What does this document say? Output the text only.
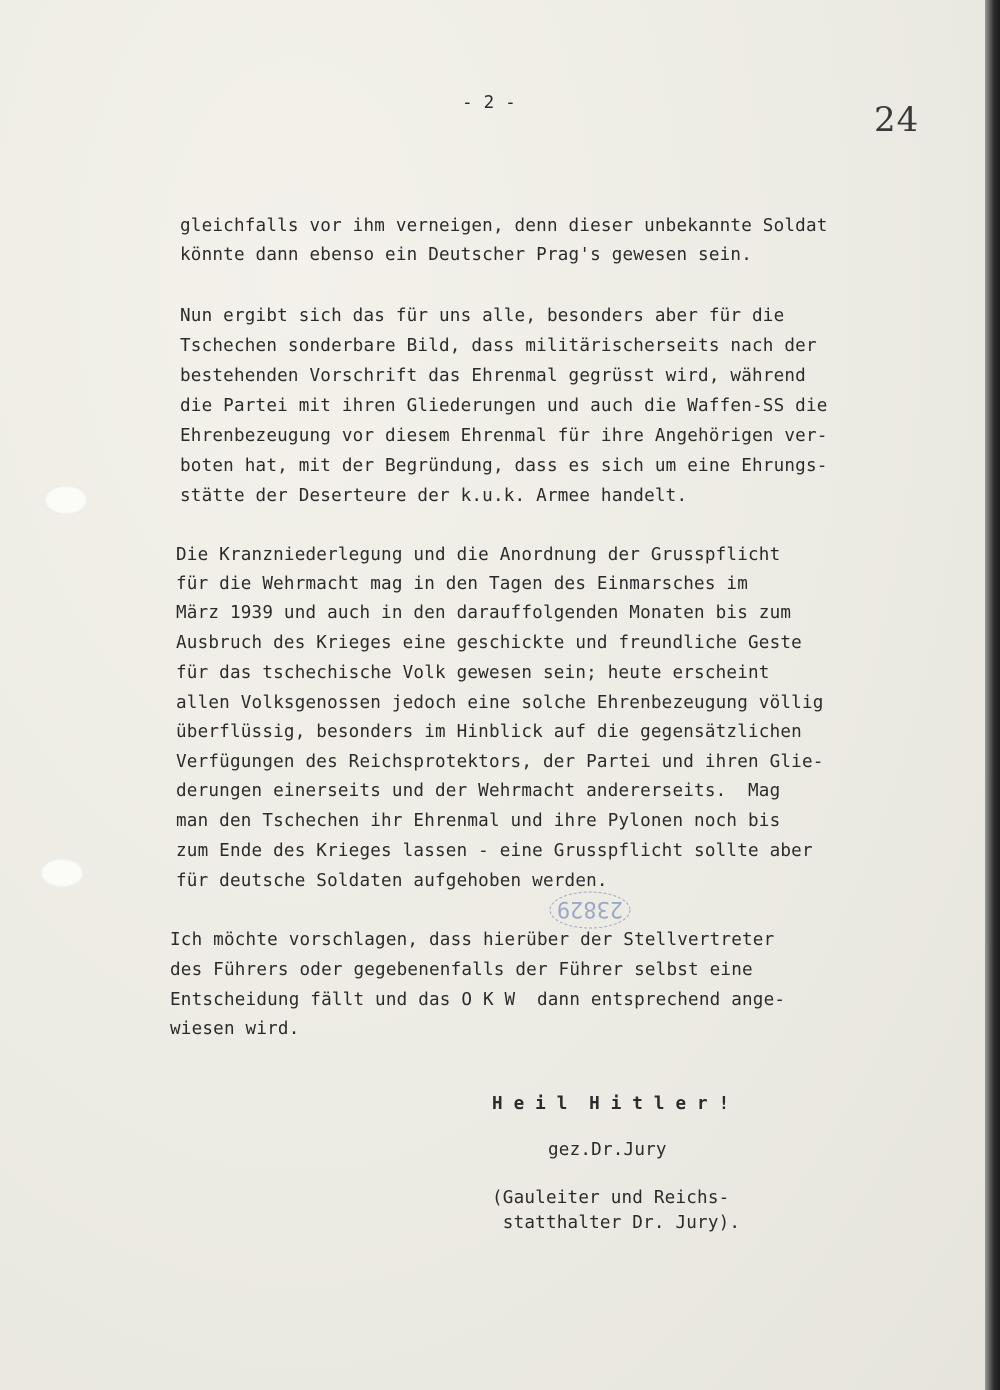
- 2 -	24
gleichfalls vor ihm verneigen, denn dieser unbekannte Soldat
könnte dann ebenso ein Deutscher Prag's gewesen sein.
Nun ergibt sich das für uns alle, besonders aber für die
Tschechen sonderbare Bild, dass militärischerseits nach der
bestehenden Vorschrift das Ehrenmal gegrüsst wird, während
die Partei mit ihren Gliederungen und auch die Waffen-SS die
Ehrenbezeugung vor diesem Ehrenmal für ihre Angehörigen ver-
boten hat, mit der Begründung, dass es sich um eine Ehrungs-
stätte der Deserteure der k.u.k. Armee handelt.
Die Kranzniederlegung und die Anordnung der Grusspflicht
für die Wehrmacht mag in den Tagen des Einmarsches im
März 1939 und auch in den darauffolgenden Monaten bis zum
Ausbruch des Krieges eine geschickte und freundliche Geste
für das tschechische Volk gewesen sein; heute erscheint
allen Volksgenossen jedoch eine solche Ehrenbezeugung völlig
überflüssig, besonders im Hinblick auf die gegensätzlichen
Verfügungen des Reichsprotektors, der Partei und ihren Glie-
derungen einerseits und der Wehrmacht andererseits.  Mag
man den Tschechen ihr Ehrenmal und ihre Pylonen noch bis
zum Ende des Krieges lassen - eine Grusspflicht sollte aber
für deutsche Soldaten aufgehoben werden.
23829
Ich möchte vorschlagen, dass hierüber der Stellvertreter
des Führers oder gegebenenfalls der Führer selbst eine
Entscheidung fällt und das O K W  dann entsprechend ange-
wiesen wird.
H e i l  H i t l e r !
gez.Dr.Jury
(Gauleiter und Reichs-
statthalter Dr. Jury).
